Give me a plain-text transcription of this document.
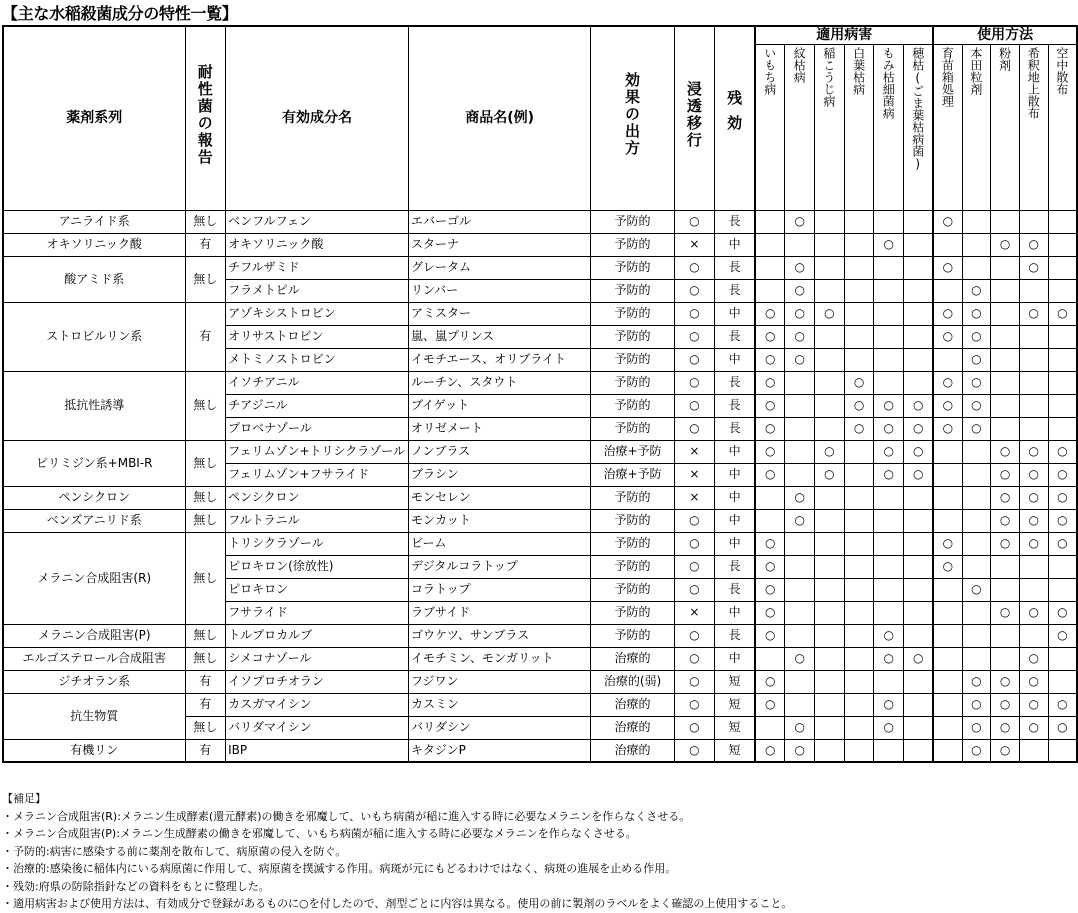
【主な水稲殺菌成分の特性一覧】
薬剤系列	耐性菌の報告	有効成分名	商品名(例)	効果の出方	浸透移行	残効	適用病害						使用方法				
							いもち病	紋枯病	稲こうじ病	白葉枯病	もみ枯細菌病	穂枯(ごま葉枯病菌)	育苗箱処理	本田粒剤	粉剤	希釈地上散布	空中散布
アニライド系	無し	ベンフルフェン	エバーゴル	予防的	○	長		○					○				
オキソリニック酸	有	オキソリニック酸	スターナ	予防的	×	中					○				○	○	
酸アミド系	無し	チフルザミド	グレータム	予防的	○	長		○					○			○	
		フラメトピル	リンバー	予防的	○	長		○						○			
ストロビルリン系	有	アゾキシストロビン	アミスター	予防的	○	中	○	○	○				○	○		○	○
		オリサストロビン	嵐、嵐プリンス	予防的	○	長	○	○					○	○			
		メトミノストロビン	イモチエース、オリブライト	予防的	○	中	○	○						○			
抵抗性誘導	無し	イソチアニル	ルーチン、スタウト	予防的	○	長	○			○			○	○			
		チアジニル	ブイゲット	予防的	○	長	○			○	○	○	○	○			
		プロベナゾール	オリゼメート	予防的	○	長	○			○	○	○	○	○			
ピリミジン系+MBI-R	無し	フェリムゾン+トリシクラゾール	ノンブラス	治療+予防	×	中	○		○		○	○			○	○	○
		フェリムゾン+フサライド	ブラシン	治療+予防	×	中	○		○		○	○			○	○	○
ペンシクロン	無し	ペンシクロン	モンセレン	予防的	×	中		○							○	○	○
ベンズアニリド系	無し	フルトラニル	モンカット	予防的	○	中		○							○	○	○
メラニン合成阻害(R)	無し	トリシクラゾール	ビーム	予防的	○	中	○						○		○	○	○
		ピロキロン(徐放性)	デジタルコラトップ	予防的	○	長	○						○				
		ピロキロン	コラトップ	予防的	○	長	○							○			
		フサライド	ラブサイド	予防的	×	中	○								○	○	○
メラニン合成阻害(P)	無し	トルプロカルブ	ゴウケツ、サンブラス	予防的	○	長	○				○						○
エルゴステロール合成阻害	無し	シメコナゾール	イモチミン、モンガリット	治療的	○	中		○			○	○				○	
ジチオラン系	有	イソプロチオラン	フジワン	治療的(弱)	○	短	○							○	○	○	
抗生物質	有	カスガマイシン	カスミン	治療的	○	短	○				○			○	○	○	○
	無し	バリダマイシン	バリダシン	治療的	○	短		○			○			○	○	○	○
有機リン	有	IBP	キタジンP	治療的	○	短	○	○						○	○		
【補足】
・メラニン合成阻害(R):メラニン生成酵素(還元酵素)の働きを邪魔して、いもち病菌が稲に進入する時に必要なメラニンを作らなくさせる。
・メラニン合成阻害(P):メラニン生成酵素の働きを邪魔して、いもち病菌が稲に進入する時に必要なメラニンを作らなくさせる。
・予防的:病害に感染する前に薬剤を散布して、病原菌の侵入を防ぐ。
・治療的:感染後に稲体内にいる病原菌に作用して、病原菌を撲滅する作用。病斑が元にもどるわけではなく、病斑の進展を止める作用。
・残効:府県の防除指針などの資料をもとに整理した。
・適用病害および使用方法は、有効成分で登録があるものに○を付したので、剤型ごとに内容は異なる。使用の前に製剤のラベルをよく確認の上使用すること。
